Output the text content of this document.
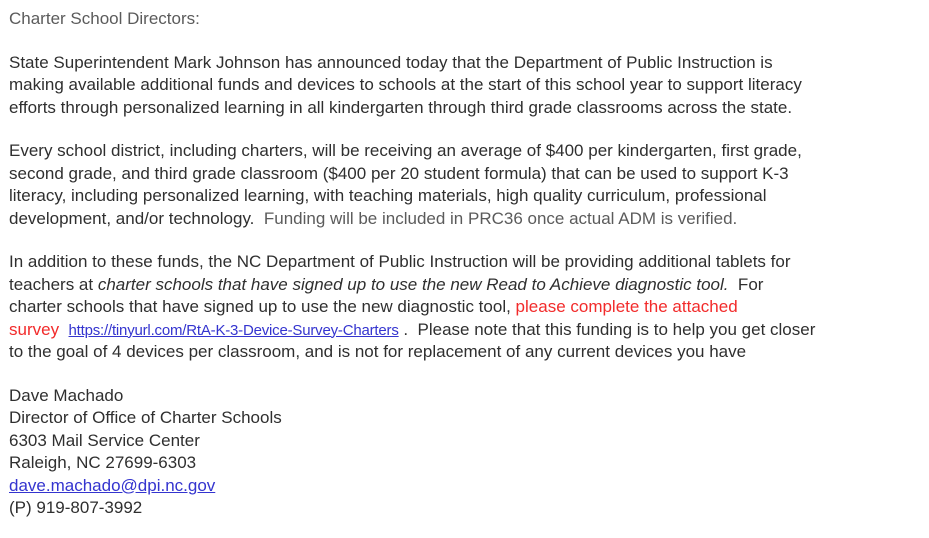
Charter School Directors:
State Superintendent Mark Johnson has announced today that the Department of Public Instruction is
making available additional funds and devices to schools at the start of this school year to support literacy
efforts through personalized learning in all kindergarten through third grade classrooms across the state.
Every school district, including charters, will be receiving an average of $400 per kindergarten, first grade,
second grade, and third grade classroom ($400 per 20 student formula) that can be used to support K-3
literacy, including personalized learning, with teaching materials, high quality curriculum, professional
development, and/or technology.  Funding will be included in PRC36 once actual ADM is verified.
In addition to these funds, the NC Department of Public Instruction will be providing additional tablets for
teachers at charter schools that have signed up to use the new Read to Achieve diagnostic tool.  For
charter schools that have signed up to use the new diagnostic tool, please complete the attached
survey https://tinyurl.com/RtA-K-3-Device-Survey-Charters .  Please note that this funding is to help you get closer
to the goal of 4 devices per classroom, and is not for replacement of any current devices you have
Dave Machado
Director of Office of Charter Schools
6303 Mail Service Center
Raleigh, NC 27699-6303
dave.machado@dpi.nc.gov
(P) 919-807-3992
